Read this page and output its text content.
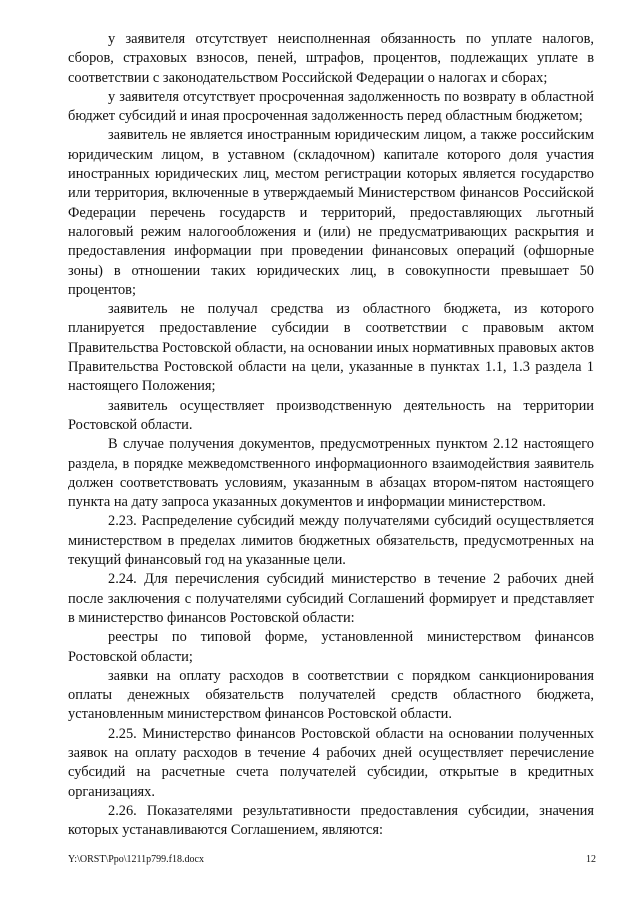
у заявителя отсутствует неисполненная обязанность по уплате налогов, сборов, страховых взносов, пеней, штрафов, процентов, подлежащих уплате в соответствии с законодательством Российской Федерации о налогах и сборах;

у заявителя отсутствует просроченная задолженность по возврату в областной бюджет субсидий и иная просроченная задолженность перед областным бюджетом;

заявитель не является иностранным юридическим лицом, а также российским юридическим лицом, в уставном (складочном) капитале которого доля участия иностранных юридических лиц, местом регистрации которых является государство или территория, включенные в утверждаемый Министерством финансов Российской Федерации перечень государств и территорий, предоставляющих льготный налоговый режим налогообложения и (или) не предусматривающих раскрытия и предоставления информации при проведении финансовых операций (офшорные зоны) в отношении таких юридических лиц, в совокупности превышает 50 процентов;

заявитель не получал средства из областного бюджета, из которого планируется предоставление субсидии в соответствии с правовым актом Правительства Ростовской области, на основании иных нормативных правовых актов Правительства Ростовской области на цели, указанные в пунктах 1.1, 1.3 раздела 1 настоящего Положения;

заявитель осуществляет производственную деятельность на территории Ростовской области.

В случае получения документов, предусмотренных пунктом 2.12 настоящего раздела, в порядке межведомственного информационного взаимодействия заявитель должен соответствовать условиям, указанным в абзацах втором-пятом настоящего пункта на дату запроса указанных документов и информации министерством.

2.23. Распределение субсидий между получателями субсидий осуществляется министерством в пределах лимитов бюджетных обязательств, предусмотренных на текущий финансовый год на указанные цели.

2.24. Для перечисления субсидий министерство в течение 2 рабочих дней после заключения с получателями субсидий Соглашений формирует и представляет в министерство финансов Ростовской области:

реестры по типовой форме, установленной министерством финансов Ростовской области;

заявки на оплату расходов в соответствии с порядком санкционирования оплаты денежных обязательств получателей средств областного бюджета, установленным министерством финансов Ростовской области.

2.25. Министерство финансов Ростовской области на основании полученных заявок на оплату расходов в течение 4 рабочих дней осуществляет перечисление субсидий на расчетные счета получателей субсидии, открытые в кредитных организациях.

2.26. Показателями результативности предоставления субсидии, значения которых устанавливаются Соглашением, являются:

Y:\ORST\Ppo\1211p799.f18.docx	12
